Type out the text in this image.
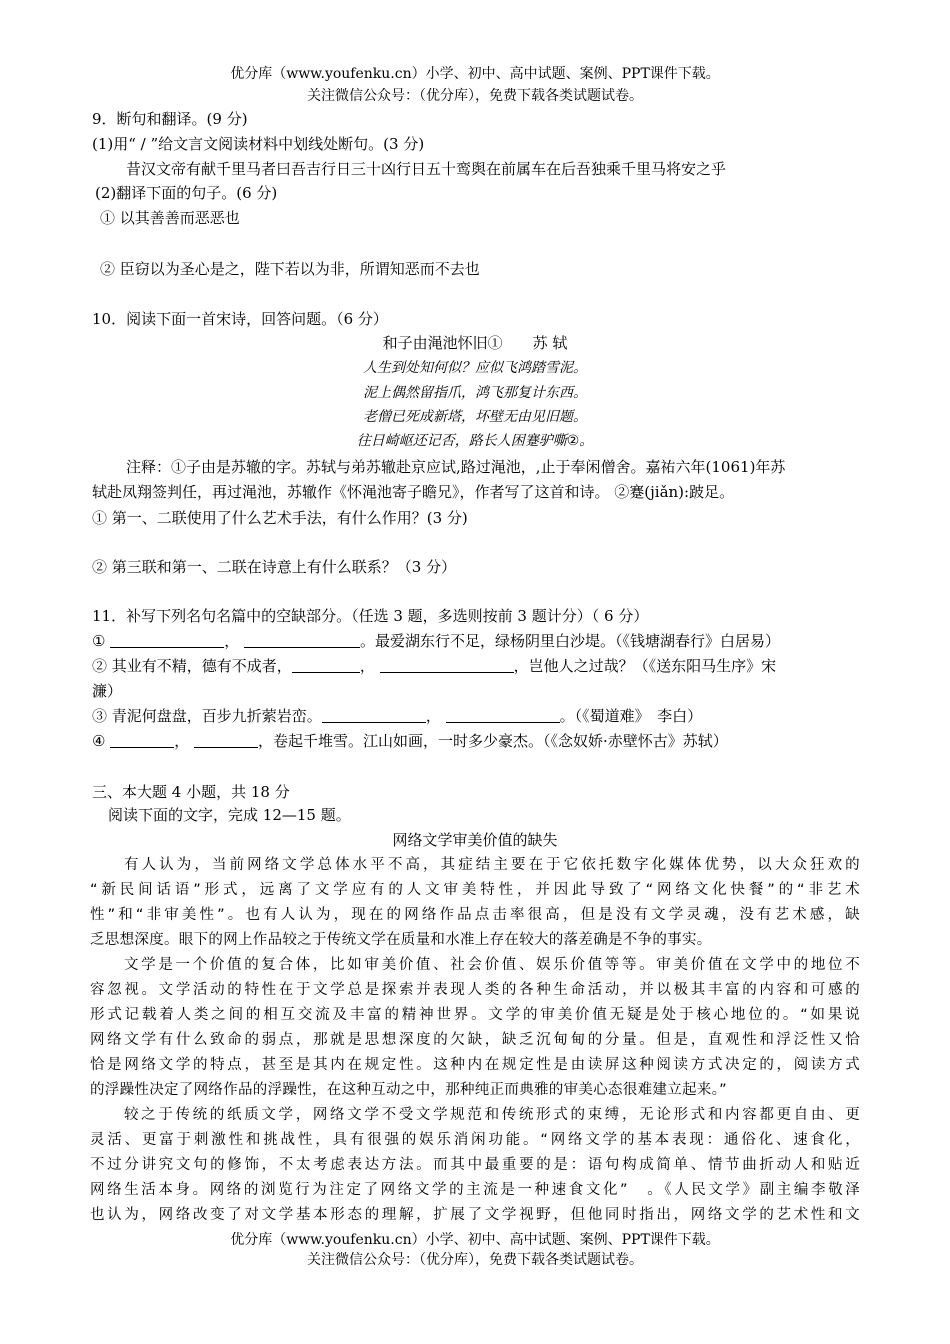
优分库（www.youfenku.cn）小学、初中、高中试题、案例、PPT课件下载。
关注微信公众号：（优分库），免费下载各类试题试卷。
9．断句和翻译。(9 分)
(1)用“ / ”给文言文阅读材料中划线处断句。(3 分)
昔汉文帝有献千里马者曰吾吉行日三十凶行日五十鸾舆在前属车在后吾独乘千里马将安之乎
(2)翻译下面的句子。(6 分)
① 以其善善而恶恶也
② 臣窃以为圣心是之，陛下若以为非，所谓知恶而不去也
10．阅读下面一首宋诗，回答问题。（6 分）
和子由渑池怀旧①　　苏 轼
人生到处知何似？应似飞鸿踏雪泥。
泥上偶然留指爪，鸿飞那复计东西。
老僧已死成新塔，坏壁无由见旧题。
往日崎岖还记否，路长人困蹇驴嘶②。
注释：①子由是苏辙的字。苏轼与弟苏辙赴京应试,路过渑池，,止于奉闲僧舍。嘉祐六年(1061)年苏
轼赴凤翔签判任，再过渑池，苏辙作《怀渑池寄子瞻兄》，作者写了这首和诗。 ②蹇(jiǎn):跛足。
① 第一、二联使用了什么艺术手法，有什么作用？(3 分)
② 第三联和第一、二联在诗意上有什么联系？（3 分）
11．补写下列名句名篇中的空缺部分。（任选 3 题，多选则按前 3 题计分）（ 6 分）
①	，	。最爱湖东行不足，绿杨阴里白沙堤。（《钱塘湖春行》白居易）
② 其业有不精，德有不成者，	，	，岂他人之过哉？（《送东阳马生序》宋
濂）
③ 青泥何盘盘，百步九折萦岩峦。	，	。（《蜀道难》　李白）
④	，	，卷起千堆雪。江山如画，一时多少豪杰。（《念奴娇·赤壁怀古》苏轼）
三、本大题 4 小题，共 18 分
阅读下面的文字，完成 12—15 题。
网络文学审美价值的缺失
有人认为，当前网络文学总体水平不高，其症结主要在于它依托数字化媒体优势，以大众狂欢的
“新民间话语”形式，远离了文学应有的人文审美特性，并因此导致了“网络文化快餐”的“非艺术
性”和“非审美性”。也有人认为，现在的网络作品点击率很高，但是没有文学灵魂，没有艺术感，缺
乏思想深度。眼下的网上作品较之于传统文学在质量和水准上存在较大的落差确是不争的事实。
文学是一个价值的复合体，比如审美价值、社会价值、娱乐价值等等。审美价值在文学中的地位不
容忽视。文学活动的特性在于文学总是探索并表现人类的各种生命活动，并以极其丰富的内容和可感的
形式记载着人类之间的相互交流及丰富的精神世界。文学的审美价值无疑是处于核心地位的。“如果说
网络文学有什么致命的弱点，那就是思想深度的欠缺，缺乏沉甸甸的分量。但是，直观性和浮泛性又恰
恰是网络文学的特点，甚至是其内在规定性。这种内在规定性是由读屏这种阅读方式决定的，阅读方式
的浮躁性决定了网络作品的浮躁性，在这种互动之中，那种纯正而典雅的审美心态很难建立起来。”
较之于传统的纸质文学，网络文学不受文学规范和传统形式的束缚，无论形式和内容都更自由、更
灵活、更富于刺激性和挑战性，具有很强的娱乐消闲功能。“网络文学的基本表现：通俗化、速食化，
不过分讲究文句的修饰，不太考虑表达方法。而其中最重要的是：语句构成简单、情节曲折动人和贴近
网络生活本身。网络的浏览行为注定了网络文学的主流是一种速食文化”　。《人民文学》副主编李敬泽
也认为，网络改变了对文学基本形态的理解，扩展了文学视野，但他同时指出，网络文学的艺术性和文
优分库（www.youfenku.cn）小学、初中、高中试题、案例、PPT课件下载。
关注微信公众号：（优分库），免费下载各类试题试卷。
